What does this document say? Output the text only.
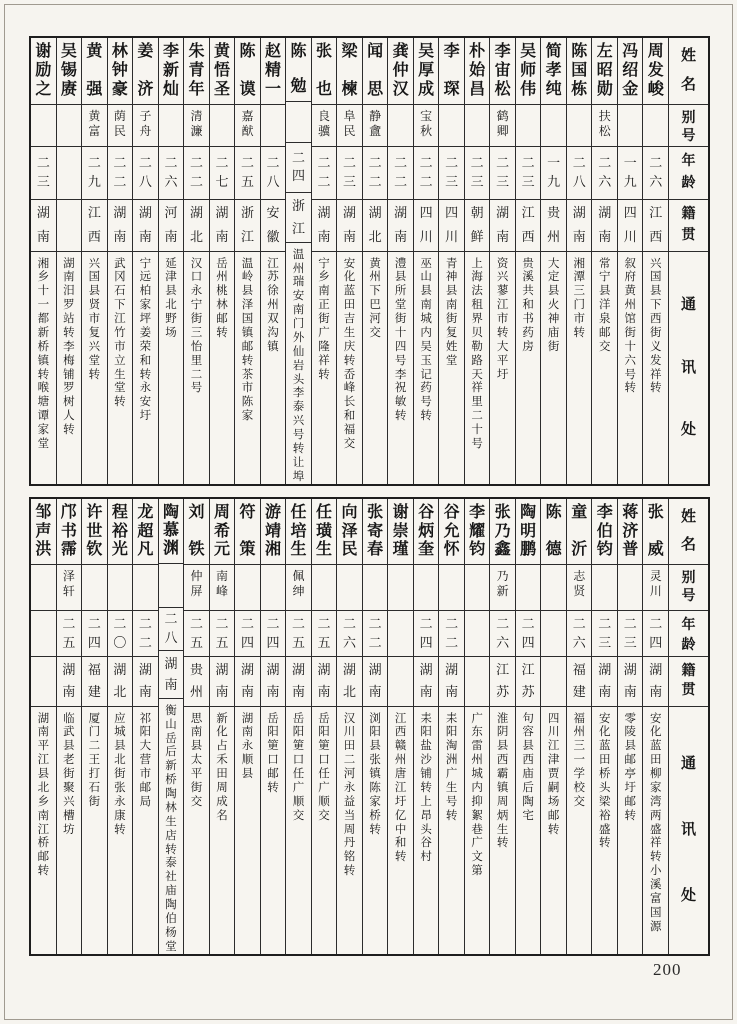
姓
名
别
号
年
龄
籍
贯
通
讯
处
周
发
峻
二
六
江
西
兴
国
县
下
西
街
义
发
祥
转
冯
绍
金
一
九
四
川
叙
府
黄
州
馆
街
十
六
号
转
左
昭
勋
扶
松
二
六
湖
南
常
宁
县
洋
泉
邮
交
陈
国
栋
二
八
湖
南
湘
潭
三
门
市
转
简
孝
纯
一
九
贵
州
大
定
县
火
神
庙
街
吴
师
伟
二
三
江
西
贵
溪
共
和
书
药
房
李
宙
松
鹤
卿
二
三
湖
南
资
兴
蓼
江
市
转
大
平
圩
朴
始
昌
二
三
朝
鲜
上
海
法
租
界
贝
勒
路
天
祥
里
二
十
号
李
琛
二
三
四
川
青
神
县
南
街
复
姓
堂
吴
厚
成
宝
秋
二
二
四
川
巫
山
县
南
城
内
吴
玉
记
药
号
转
龚
仲
汉
二
二
湖
南
澧
县
所
堂
街
十
四
号
李
祝
敏
转
闻
思
静
盦
二
二
湖
北
黄
州
下
巴
河
交
梁
楝
阜
民
二
三
湖
南
安
化
蓝
田
吉
生
庆
转
岙
峰
长
和
福
交
张
也
良
骥
二
二
湖
南
宁
乡
南
正
街
广
隆
祥
转
陈
勉
二
四
浙
江
温
州
瑞
安
南
门
外
仙
岩
头
李
泰
兴
号
转
让
埠
赵
精
一
二
八
安
徽
江
苏
徐
州
双
沟
镇
陈
谟
嘉
猷
二
五
浙
江
温
岭
县
泽
国
镇
邮
转
茶
市
陈
家
黄
悟
圣
二
七
湖
南
岳
州
桃
林
邮
转
朱
青
年
清
濂
二
二
湖
北
汉
口
永
宁
街
三
怡
里
二
号
李
新
灿
二
六
河
南
延
津
县
北
野
场
姜
济
子
舟
二
八
湖
南
宁
远
柏
家
坪
姜
荣
和
转
永
安
圩
林
钟
豪
荫
民
二
二
湖
南
武
冈
石
下
江
竹
市
立
生
堂
转
黄
强
黄
富
二
九
江
西
兴
国
县
贤
市
复
兴
堂
转
吴
锡
赓
湖
南
汨
罗
站
转
李
梅
铺
罗
树
人
转
谢
励
之
二
三
湖
南
湘
乡
十
一
都
新
桥
镇
转
喉
塘
谭
家
堂
姓
名
别
号
年
龄
籍
贯
通
讯
处
张
威
灵
川
二
四
湖
南
安
化
蓝
田
柳
家
湾
两
盛
祥
转
小
溪
富
国
源
蒋
济
普
二
三
湖
南
零
陵
县
邮
亭
圩
邮
转
李
伯
钧
二
三
湖
南
安
化
蓝
田
桥
头
梁
裕
盛
转
童
沂
志
贤
二
六
福
建
福
州
三
一
学
校
交
陈
德
四
川
江
津
贾
嗣
场
邮
转
陶
明
鹏
二
四
江
苏
句
容
县
西
庙
后
陶
宅
张
乃
鑫
乃
新
二
六
江
苏
淮
阴
县
西
霸
镇
周
炳
生
转
李
耀
钧
广
东
雷
州
城
内
抑
絮
巷
广
文
第
谷
允
怀
二
二
湖
南
耒
阳
淘
洲
广
生
号
转
谷
炳
奎
二
四
湖
南
耒
阳
盐
沙
铺
转
上
昂
头
谷
村
谢
崇
瑾
江
西
赣
州
唐
江
圩
亿
中
和
转
张
寄
春
二
二
湖
南
浏
阳
县
张
镇
陈
家
桥
转
向
泽
民
二
六
湖
北
汉
川
田
二
河
永
益
当
周
丹
铭
转
任
璜
生
二
五
湖
南
岳
阳
筻
口
任
广
顺
交
任
培
生
佩
绅
二
五
湖
南
岳
阳
筻
口
任
广
顺
交
游
靖
湘
二
四
湖
南
岳
阳
筻
口
邮
转
符
策
二
四
湖
南
湖
南
永
顺
县
周
希
元
南
峰
二
五
湖
南
新
化
占
禾
田
周
成
名
刘
铁
仲
屏
二
五
贵
州
思
南
县
太
平
街
交
陶
慕
渊
二
八
湖
南
衡
山
岳
后
新
桥
陶
林
生
店
转
泰
社
庙
陶
伯
杨
堂
龙
超
凡
二
二
湖
南
祁
阳
大
营
市
邮
局
程
裕
光
二
〇
湖
北
应
城
县
北
街
张
永
康
转
许
世
钦
二
四
福
建
厦
门
二
王
打
石
街
邝
书
霈
泽
轩
二
五
湖
南
临
武
县
老
街
聚
兴
槽
坊
邹
声
洪
湖
南
平
江
县
北
乡
南
江
桥
邮
转
200
